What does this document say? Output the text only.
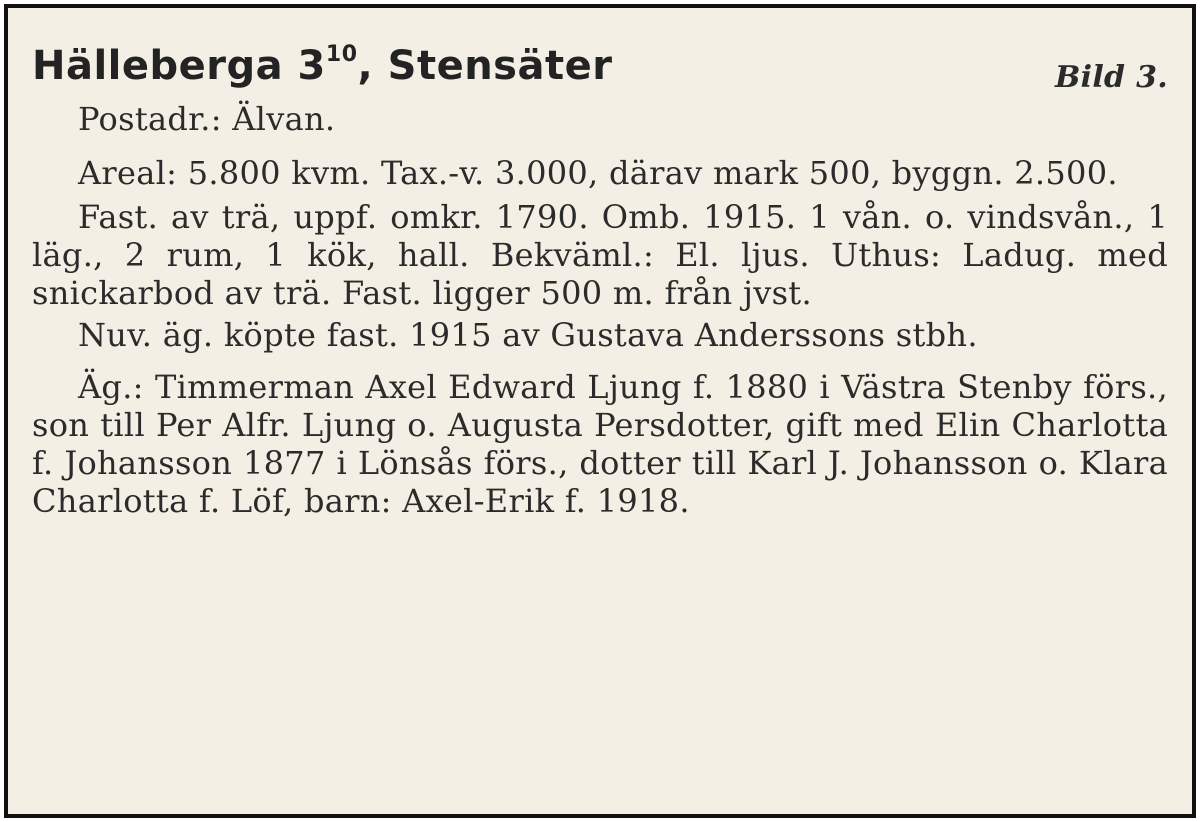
Hälleberga $3^{10}$, Stensäter	Bild 3.

Postadr.: Älvan.

Areal: 5.800 kvm. Tax.-v. 3.000, därav mark 500, byggn. 2.500.

Fast. av trä, uppf. omkr. 1790. Omb. 1915. 1 vån. o. vindsvån., 1 läg., 2 rum, 1 kök, hall. Bekväml.: El. ljus. Uthus: Ladug. med snickarbod av trä. Fast. ligger 500 m. från jvst.

Nuv. äg. köpte fast. 1915 av Gustava Anderssons stbh.

Äg.: Timmerman Axel Edward Ljung f. 1880 i Västra Stenby förs., son till Per Alfr. Ljung o. Augusta Persdotter, gift med Elin Charlotta f. Johansson 1877 i Lönsås förs., dotter till Karl J. Johansson o. Klara Charlotta f. Löf, barn: Axel-Erik f. 1918.
